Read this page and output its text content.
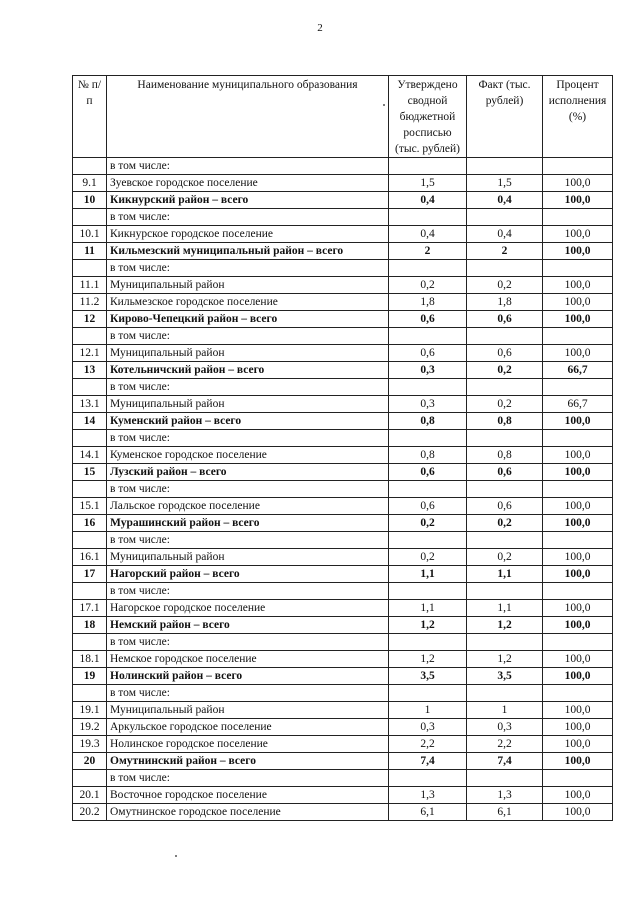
2
№ п/п	Наименование муниципального образования	Утверждено сводной бюджетной росписью (тыс. рублей)	Факт (тыс. рублей)	Процент исполнения (%)
	в том числе:			
9.1	Зуевское городское поселение	1,5	1,5	100,0
10	Кикнурский район – всего	0,4	0,4	100,0
	в том числе:			
10.1	Кикнурское городское поселение	0,4	0,4	100,0
11	Кильмезский муниципальный район – всего	2	2	100,0
	в том числе:			
11.1	Муниципальный район	0,2	0,2	100,0
11.2	Кильмезское городское поселение	1,8	1,8	100,0
12	Кирово-Чепецкий район – всего	0,6	0,6	100,0
	в том числе:			
12.1	Муниципальный район	0,6	0,6	100,0
13	Котельничский район – всего	0,3	0,2	66,7
	в том числе:			
13.1	Муниципальный район	0,3	0,2	66,7
14	Куменский район – всего	0,8	0,8	100,0
	в том числе:			
14.1	Куменское городское поселение	0,8	0,8	100,0
15	Лузский район – всего	0,6	0,6	100,0
	в том числе:			
15.1	Лальское городское поселение	0,6	0,6	100,0
16	Мурашинский район – всего	0,2	0,2	100,0
	в том числе:			
16.1	Муниципальный район	0,2	0,2	100,0
17	Нагорский район – всего	1,1	1,1	100,0
	в том числе:			
17.1	Нагорское городское поселение	1,1	1,1	100,0
18	Немский район – всего	1,2	1,2	100,0
	в том числе:			
18.1	Немское городское поселение	1,2	1,2	100,0
19	Нолинский район – всего	3,5	3,5	100,0
	в том числе:			
19.1	Муниципальный район	1	1	100,0
19.2	Аркульское городское поселение	0,3	0,3	100,0
19.3	Нолинское городское поселение	2,2	2,2	100,0
20	Омутнинский район – всего	7,4	7,4	100,0
	в том числе:			
20.1	Восточное городское поселение	1,3	1,3	100,0
20.2	Омутнинское городское поселение	6,1	6,1	100,0
